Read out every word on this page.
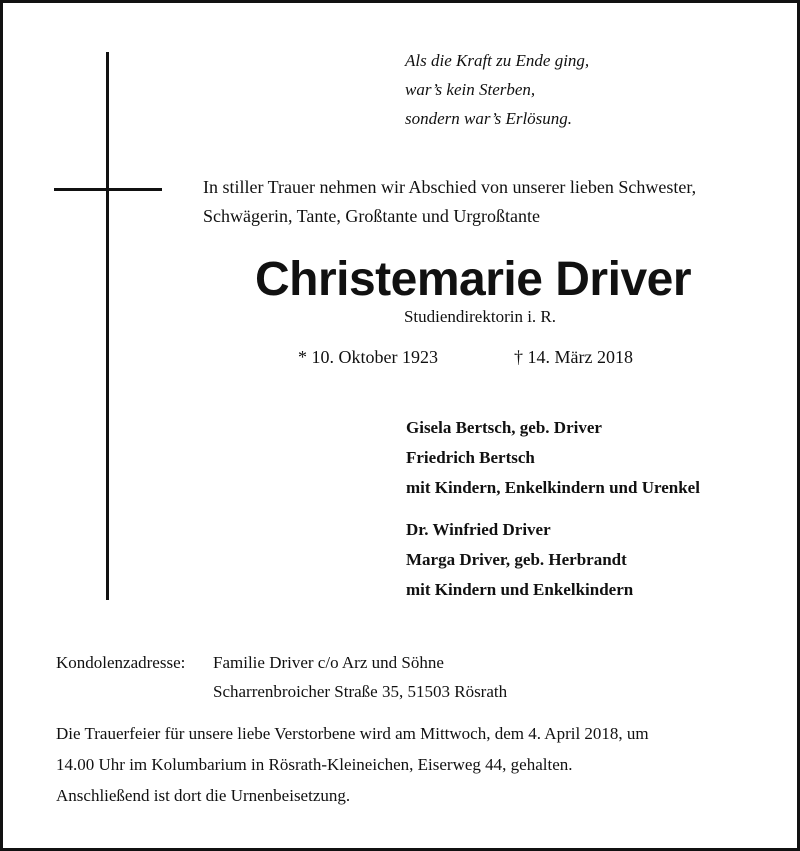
Als die Kraft zu Ende ging,
war’s kein Sterben,
sondern war’s Erlösung.
In stiller Trauer nehmen wir Abschied von unserer lieben Schwester,
Schwägerin, Tante, Großtante und Urgroßtante
Christemarie Driver
Studiendirektorin i. R.
* 10. Oktober 1923	† 14. März 2018
Gisela Bertsch, geb. Driver
Friedrich Bertsch
mit Kindern, Enkelkindern und Urenkel
Dr. Winfried Driver
Marga Driver, geb. Herbrandt
mit Kindern und Enkelkindern
Kondolenzadresse:	Familie Driver c/o Arz und Söhne
Scharrenbroicher Straße 35, 51503 Rösrath
Die Trauerfeier für unsere liebe Verstorbene wird am Mittwoch, dem 4. April 2018, um
14.00 Uhr im Kolumbarium in Rösrath-Kleineichen, Eiserweg 44, gehalten.
Anschließend ist dort die Urnenbeisetzung.
